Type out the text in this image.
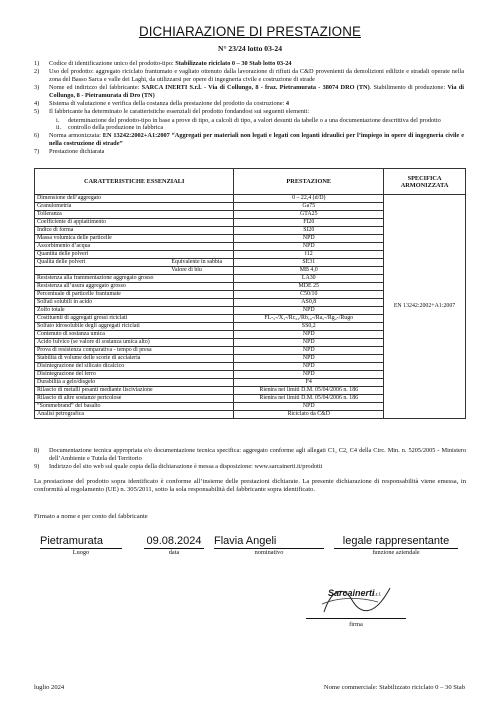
DICHIARAZIONE DI PRESTAZIONE
N° 23/24 lotto 03-24
1)	Codice di identificazione unico del prodotto-tipo: Stabilizzato riciclato 0 – 30 Stab lotto 03-24
2)	Uso del prodotto: aggregato riciclato frantumato e vagliato ottenuto dalla lavorazione di rifiuti da C&D provenienti da demolizioni edilizie e stradali operate nella zona del Basso Sarca e valle dei Laghi, da utilizzarsi per opere di ingegneria civile e costruzione di strade
3)	Nome ed indirizzo del fabbricante: SARCA INERTI S.r.l. - Via di Collungo, 8 - fraz. Pietramurata - 38074 DRO (TN). Stabilimento di produzione: Via di Collungo, 8 - Pietramurata di Dro (TN)
4)	Sistema di valutazione e verifica della costanza della prestazione del prodotto da costruzione: 4
5)	Il fabbricante ha determinato le caratteristiche essenziali del prodotto fondandosi sui seguenti elementi:
i.	determinazione del prodotto-tipo in base a prove di tipo, a calcoli di tipo, a valori desunti da tabelle o a una documentazione descrittiva del prodotto
ii.	controllo della produzione in fabbrica
6)	Norma armonizzata: EN 13242:2002+A1:2007 “Aggregati per materiali non legati e legati con leganti idraulici per l’impiego in opere di ingegneria civile e nella costruzione di strade”
7)	Prestazione dichiarata
CARATTERISTICHE ESSENZIALI	PRESTAZIONE	SPECIFICA ARMONIZZATA

Dimensione dell’aggregato	0 – 22,4 (d/D)	EN 13242:2002+A1:2007

Granulometria	Ga75	

Tolleranza	GTA25	

Coefficiente di appiattimento	FI20	

Indice di forma	SI20	

Massa volumica delle particelle	NPD	

Assorbimento d’acqua	NPD	

Quantità delle polveri	f12	

Qualità delle polveri Equivalente in sabbia	SE31	

Valore di blu	MB 4,0	

Resistenza alla frammentazione aggregato grosso	LA30	

Resistenza all’usura aggregato grosso	MDE 25	

Percentuale di particelle frantumate	C50/10	

Solfati solubili in acido	AS0,8	

Zolfo totale	NPD	

Costituenti di aggregati grossi riciclati	FL-₅-/X₁-/Rc₂₂/Rb₁₀-/Ra₅-/Rg₂-/Rugo	

Solfato idrosolubile degli aggregati riciclati	SS0,2	

Contenuto di sostanza umica	NPD	

Acido fulvico (se valore di sostanza umica alto)	NPD	

Prova di resistenza comparativa - tempo di presa	NPD	

Stabilità di volume delle scorie di acciaieria	NPD	

Disintegrazione del silicato dicalcico	NPD	

Disintegrazione del ferro	NPD	

Durabilità a gelo/disgelo	F4	

Rilascio di metalli pesanti mediante lisciviazione	Rientra nei limiti D.M. 05/04/2006 n. 186	

Rilascio di altre sostanze pericolose	Rientra nei limiti D.M. 05/04/2006 n. 186	

“Sommebrand” del basalto	NPD	

Analisi petrografica	Riciclato da C&D	
8)	Documentazione tecnica appropriata e/o documentazione tecnica specifica: aggregato conforme agli allegati C1, C2, C4 della Circ. Min. n. 5205/2005 - Ministero dell’Ambiente e Tutela del Territorio
9)	Indirizzo del sito web sul quale copia della dichiarazione è messa a disposizione: www.sarcainerti.it/prodotti
La prestazione del prodotto sopra identificato è conforme all’insieme delle prestazioni dichiarate. La presente dichiarazione di responsabilità viene emessa, in conformità al regolamento (UE) n. 305/2011, sotto la sola responsabilità del fabbricante sopra identificato.
Firmato a nome e per conto del fabbricante
Pietramurata
Luogo
09.08.2024
data
Flavia Angeli
nominativo
legale rappresentante
funzione aziendale
Sarcainerti
s.r.l.
firma
luglio 2024	Nome commerciale: Stabilizzato riciclato 0 – 30 Stab
